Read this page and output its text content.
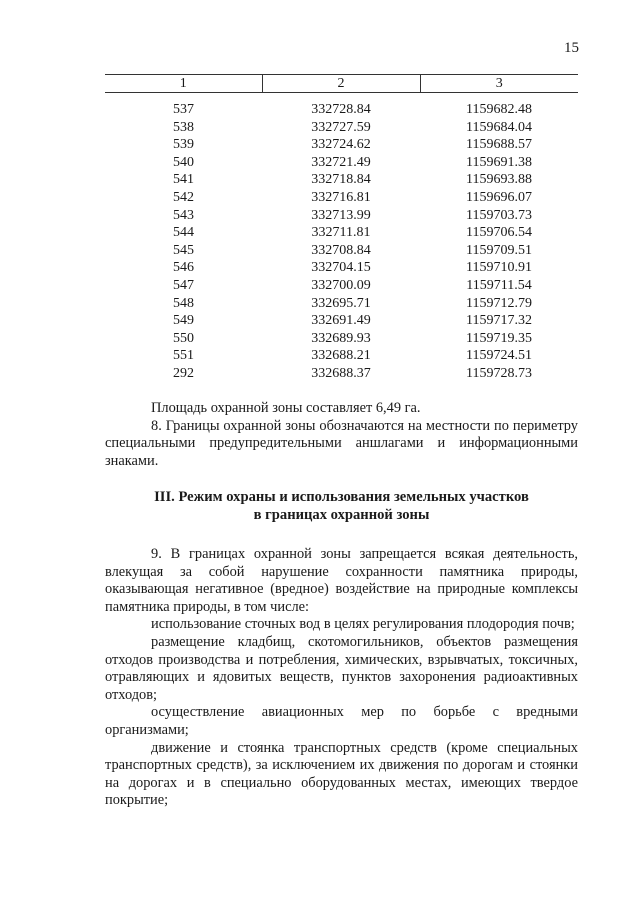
15
1	2	3

537	332728.84	1159682.48
538	332727.59	1159684.04
539	332724.62	1159688.57
540	332721.49	1159691.38
541	332718.84	1159693.88
542	332716.81	1159696.07
543	332713.99	1159703.73
544	332711.81	1159706.54
545	332708.84	1159709.51
546	332704.15	1159710.91
547	332700.09	1159711.54
548	332695.71	1159712.79
549	332691.49	1159717.32
550	332689.93	1159719.35
551	332688.21	1159724.51
292	332688.37	1159728.73

Площадь охранной зоны составляет 6,49 га.

8. Границы охранной зоны обозначаются на местности по периметру специальными предупредительными аншлагами и информационными знаками.

III. Режим охраны и использования земельных участков
в границах охранной зоны

9. В границах охранной зоны запрещается всякая деятельность, влекущая за собой нарушение сохранности памятника природы, оказывающая негативное (вредное) воздействие на природные комплексы памятника природы, в том числе:

использование сточных вод в целях регулирования плодородия почв;

размещение кладбищ, скотомогильников, объектов размещения отходов производства и потребления, химических, взрывчатых, токсичных, отравляющих и ядовитых веществ, пунктов захоронения радиоактивных отходов;

осуществление авиационных мер по борьбе с вредными организмами;

движение и стоянка транспортных средств (кроме специальных транспортных средств), за исключением их движения по дорогам и стоянки на дорогах и в специально оборудованных местах, имеющих твердое покрытие;
